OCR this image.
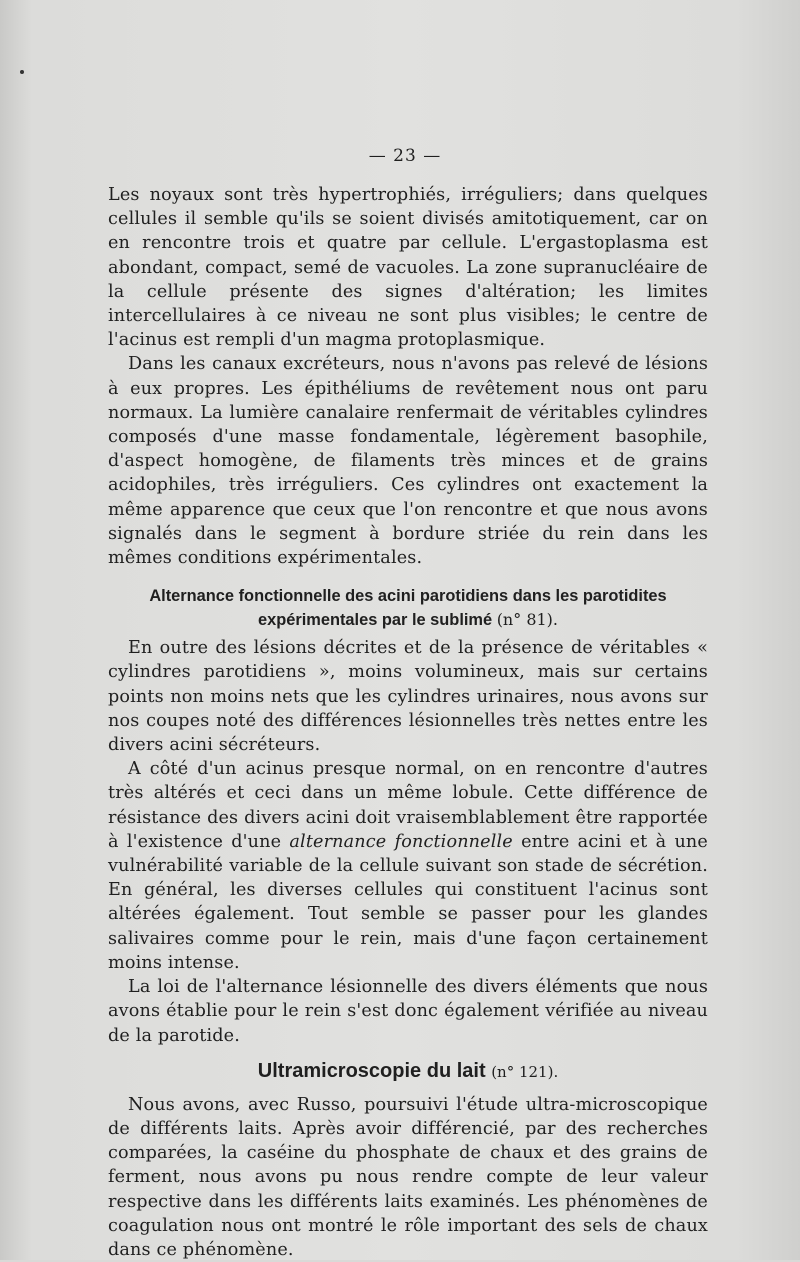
— 23 —

Les noyaux sont très hypertrophiés, irréguliers; dans quelques cellules il semble qu'ils se soient divisés amitotiquement, car on en rencontre trois et quatre par cellule. L'ergastoplasma est abondant, compact, semé de vacuoles. La zone supranucléaire de la cellule présente des signes d'altération; les limites intercellulaires à ce niveau ne sont plus visibles; le centre de l'acinus est rempli d'un magma protoplasmique.

Dans les canaux excréteurs, nous n'avons pas relevé de lésions à eux propres. Les épithéliums de revêtement nous ont paru normaux. La lumière canalaire renfermait de véritables cylindres composés d'une masse fondamentale, légèrement basophile, d'aspect homogène, de filaments très minces et de grains acidophiles, très irréguliers. Ces cylindres ont exactement la même apparence que ceux que l'on rencontre et que nous avons signalés dans le segment à bordure striée du rein dans les mêmes conditions expérimentales.

Alternance fonctionnelle des acini parotidiens dans les parotidites
expérimentales par le sublimé (n° 81).

En outre des lésions décrites et de la présence de véritables « cylindres parotidiens », moins volumineux, mais sur certains points non moins nets que les cylindres urinaires, nous avons sur nos coupes noté des différences lésionnelles très nettes entre les divers acini sécréteurs.

A côté d'un acinus presque normal, on en rencontre d'autres très altérés et ceci dans un même lobule. Cette différence de résistance des divers acini doit vraisemblablement être rapportée à l'existence d'une alternance fonctionnelle entre acini et à une vulnérabilité variable de la cellule suivant son stade de sécrétion. En général, les diverses cellules qui constituent l'acinus sont altérées également. Tout semble se passer pour les glandes salivaires comme pour le rein, mais d'une façon certainement moins intense.

La loi de l'alternance lésionnelle des divers éléments que nous avons établie pour le rein s'est donc également vérifiée au niveau de la parotide.

Ultramicroscopie du lait (n° 121).

Nous avons, avec Russo, poursuivi l'étude ultra-microscopique de différents laits. Après avoir différencié, par des recherches comparées, la caséine du phosphate de chaux et des grains de ferment, nous avons pu nous rendre compte de leur valeur respective dans les différents laits examinés. Les phénomènes de coagulation nous ont montré le rôle important des sels de chaux dans ce phénomène.
